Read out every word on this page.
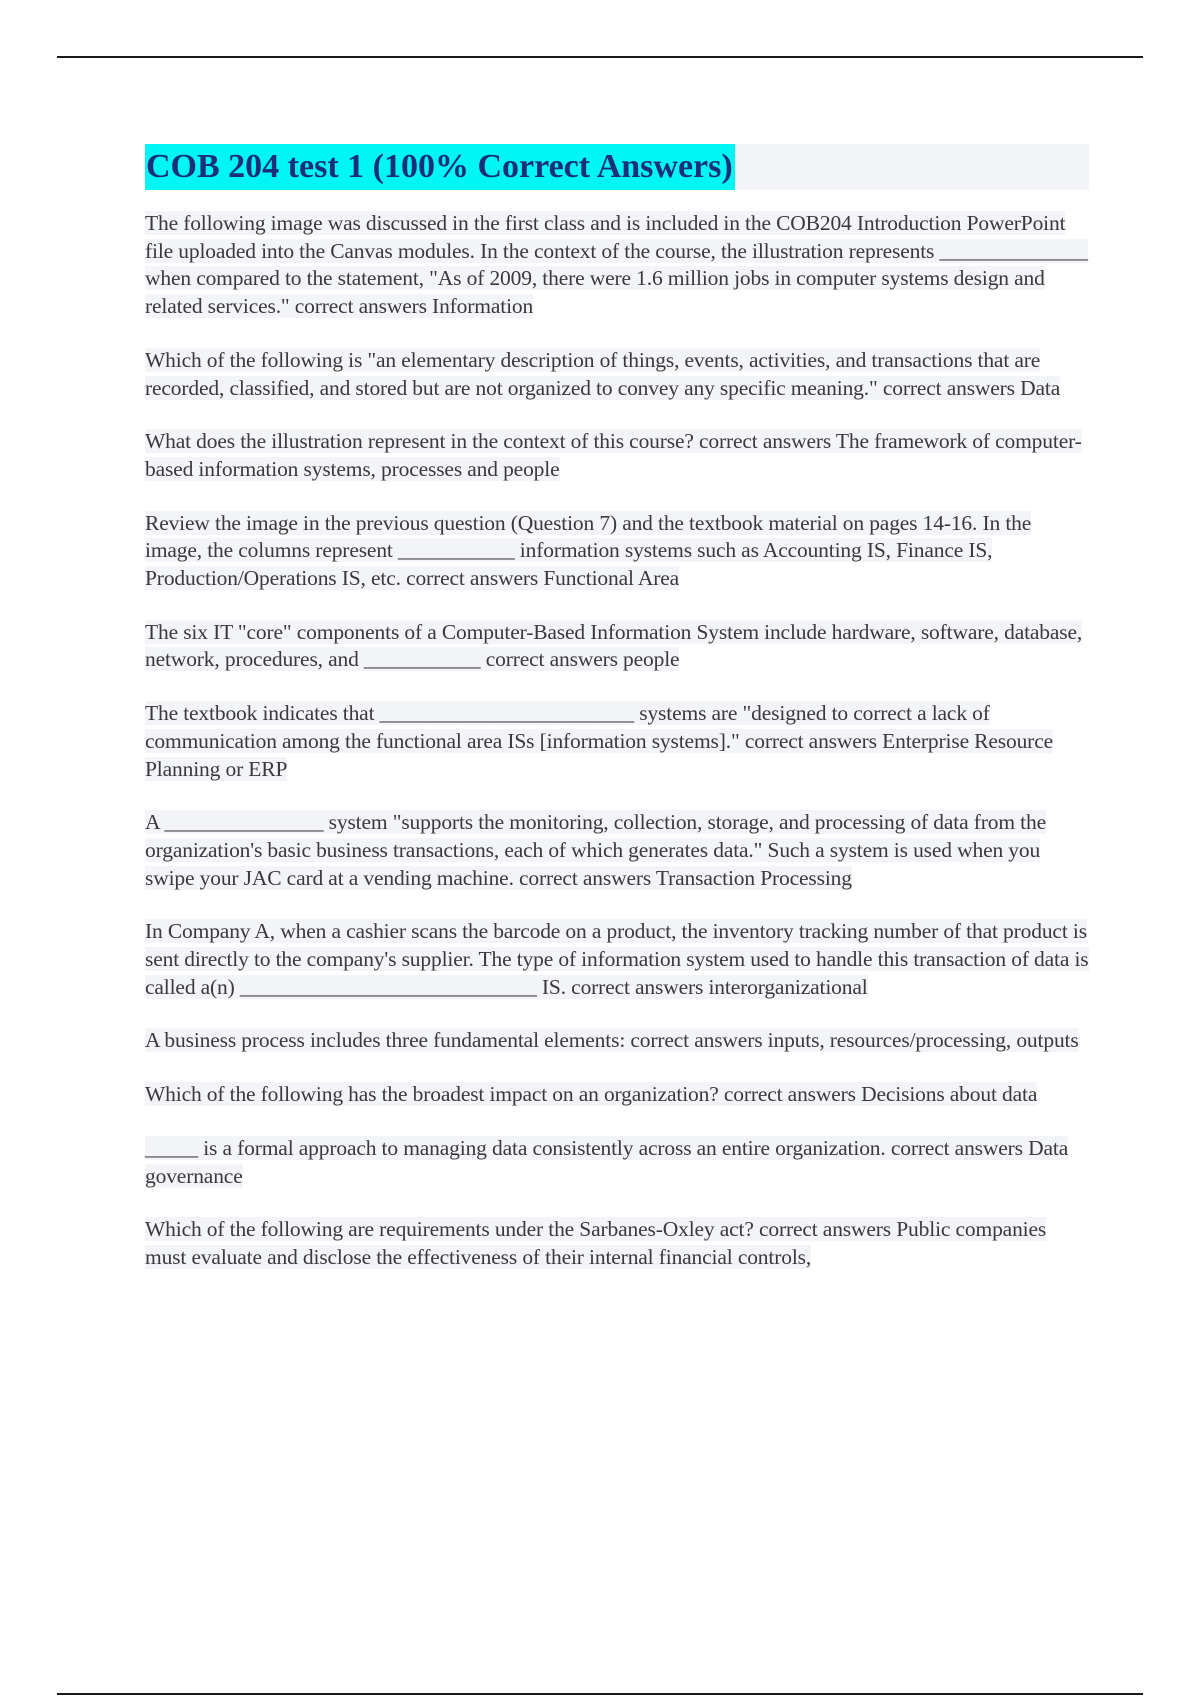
COB 204 test 1 (100% Correct Answers)

The following image was discussed in the first class and is included in the COB204 Introduction PowerPoint file uploaded into the Canvas modules. In the context of the course, the illustration represents ______________ when compared to the statement, "As of 2009, there were 1.6 million jobs in computer systems design and related services." correct answers Information

Which of the following is "an elementary description of things, events, activities, and transactions that are recorded, classified, and stored but are not organized to convey any specific meaning." correct answers Data

What does the illustration represent in the context of this course? correct answers The framework of computer-based information systems, processes and people

Review the image in the previous question (Question 7) and the textbook material on pages 14-16. In the image, the columns represent ___________ information systems such as Accounting IS, Finance IS, Production/Operations IS, etc. correct answers Functional Area

The six IT "core" components of a Computer-Based Information System include hardware, software, database, network, procedures, and ___________ correct answers people

The textbook indicates that ________________________ systems are "designed to correct a lack of communication among the functional area ISs [information systems]." correct answers Enterprise Resource Planning or ERP

A _______________ system "supports the monitoring, collection, storage, and processing of data from the organization's basic business transactions, each of which generates data." Such a system is used when you swipe your JAC card at a vending machine. correct answers Transaction Processing

In Company A, when a cashier scans the barcode on a product, the inventory tracking number of that product is sent directly to the company's supplier. The type of information system used to handle this transaction of data is called a(n) ____________________________ IS. correct answers interorganizational

A business process includes three fundamental elements: correct answers inputs, resources/processing, outputs

Which of the following has the broadest impact on an organization? correct answers Decisions about data

_____ is a formal approach to managing data consistently across an entire organization. correct answers Data governance

Which of the following are requirements under the Sarbanes-Oxley act? correct answers Public companies must evaluate and disclose the effectiveness of their internal financial controls,
